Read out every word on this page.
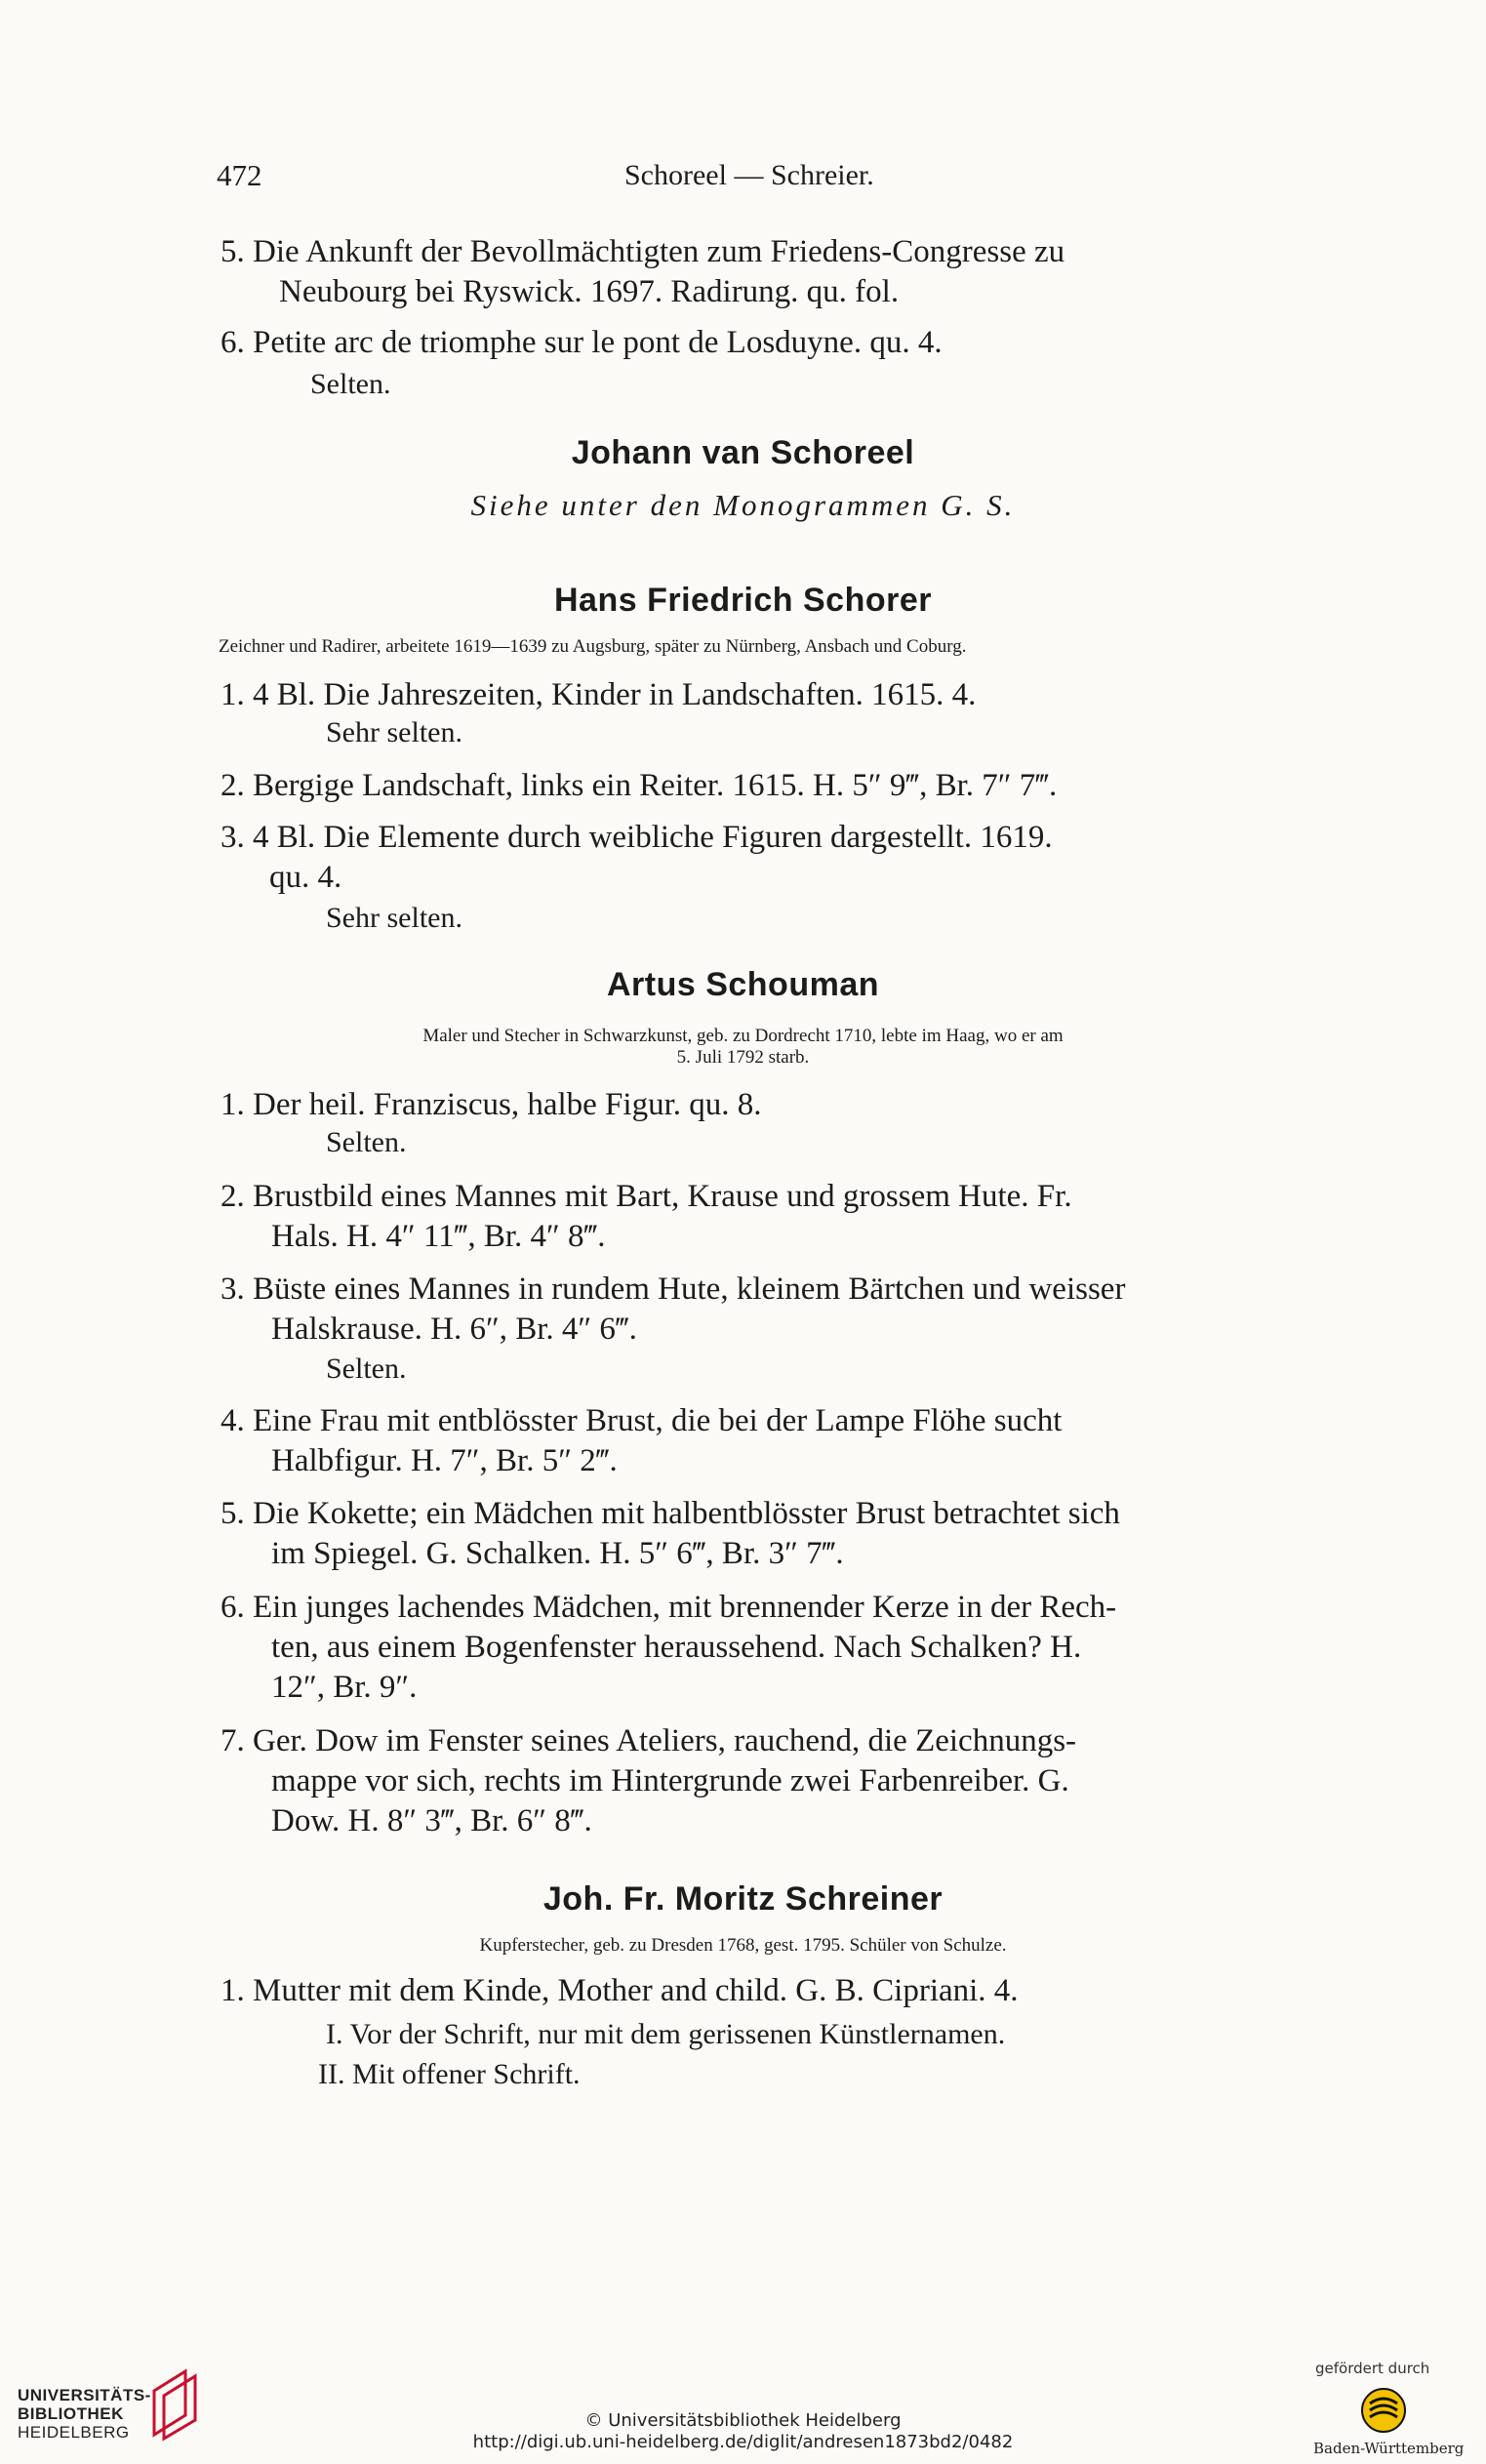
472	Schoreel — Schreier.
5. Die Ankunft der Bevollmächtigten zum Friedens-Congresse zu
Neubourg bei Ryswick. 1697. Radirung. qu. fol.
6. Petite arc de triomphe sur le pont de Losduyne. qu. 4.
Selten.
Johann van Schoreel
Siehe unter den Monogrammen G. S.
Hans Friedrich Schorer
Zeichner und Radirer, arbeitete 1619—1639 zu Augsburg, später zu Nürnberg, Ansbach und Coburg.
1. 4 Bl. Die Jahreszeiten, Kinder in Landschaften. 1615. 4.
Sehr selten.
2. Bergige Landschaft, links ein Reiter. 1615. H. 5″ 9‴, Br. 7″ 7‴.
3. 4 Bl. Die Elemente durch weibliche Figuren dargestellt. 1619.
qu. 4.
Sehr selten.
Artus Schouman
Maler und Stecher in Schwarzkunst, geb. zu Dordrecht 1710, lebte im Haag, wo er am
5. Juli 1792 starb.
1. Der heil. Franziscus, halbe Figur. qu. 8.
Selten.
2. Brustbild eines Mannes mit Bart, Krause und grossem Hute. Fr.
Hals. H. 4″ 11‴, Br. 4″ 8‴.
3. Büste eines Mannes in rundem Hute, kleinem Bärtchen und weisser
Halskrause. H. 6″, Br. 4″ 6‴.
Selten.
4. Eine Frau mit entblösster Brust, die bei der Lampe Flöhe sucht
Halbfigur. H. 7″, Br. 5″ 2‴.
5. Die Kokette; ein Mädchen mit halbentblösster Brust betrachtet sich
im Spiegel. G. Schalken. H. 5″ 6‴, Br. 3″ 7‴.
6. Ein junges lachendes Mädchen, mit brennender Kerze in der Rech-
ten, aus einem Bogenfenster heraussehend. Nach Schalken? H.
12″, Br. 9″.
7. Ger. Dow im Fenster seines Ateliers, rauchend, die Zeichnungs-
mappe vor sich, rechts im Hintergrunde zwei Farbenreiber. G.
Dow. H. 8″ 3‴, Br. 6″ 8‴.
Joh. Fr. Moritz Schreiner
Kupferstecher, geb. zu Dresden 1768, gest. 1795. Schüler von Schulze.
1. Mutter mit dem Kinde, Mother and child. G. B. Cipriani. 4.
I. Vor der Schrift, nur mit dem gerissenen Künstlernamen.
II. Mit offener Schrift.
UNIVERSITÄTS-
BIBLIOTHEK
HEIDELBERG
© Universitätsbibliothek Heidelberg
http://digi.ub.uni-heidelberg.de/diglit/andresen1873bd2/0482
gefördert durch
Baden-Württemberg
